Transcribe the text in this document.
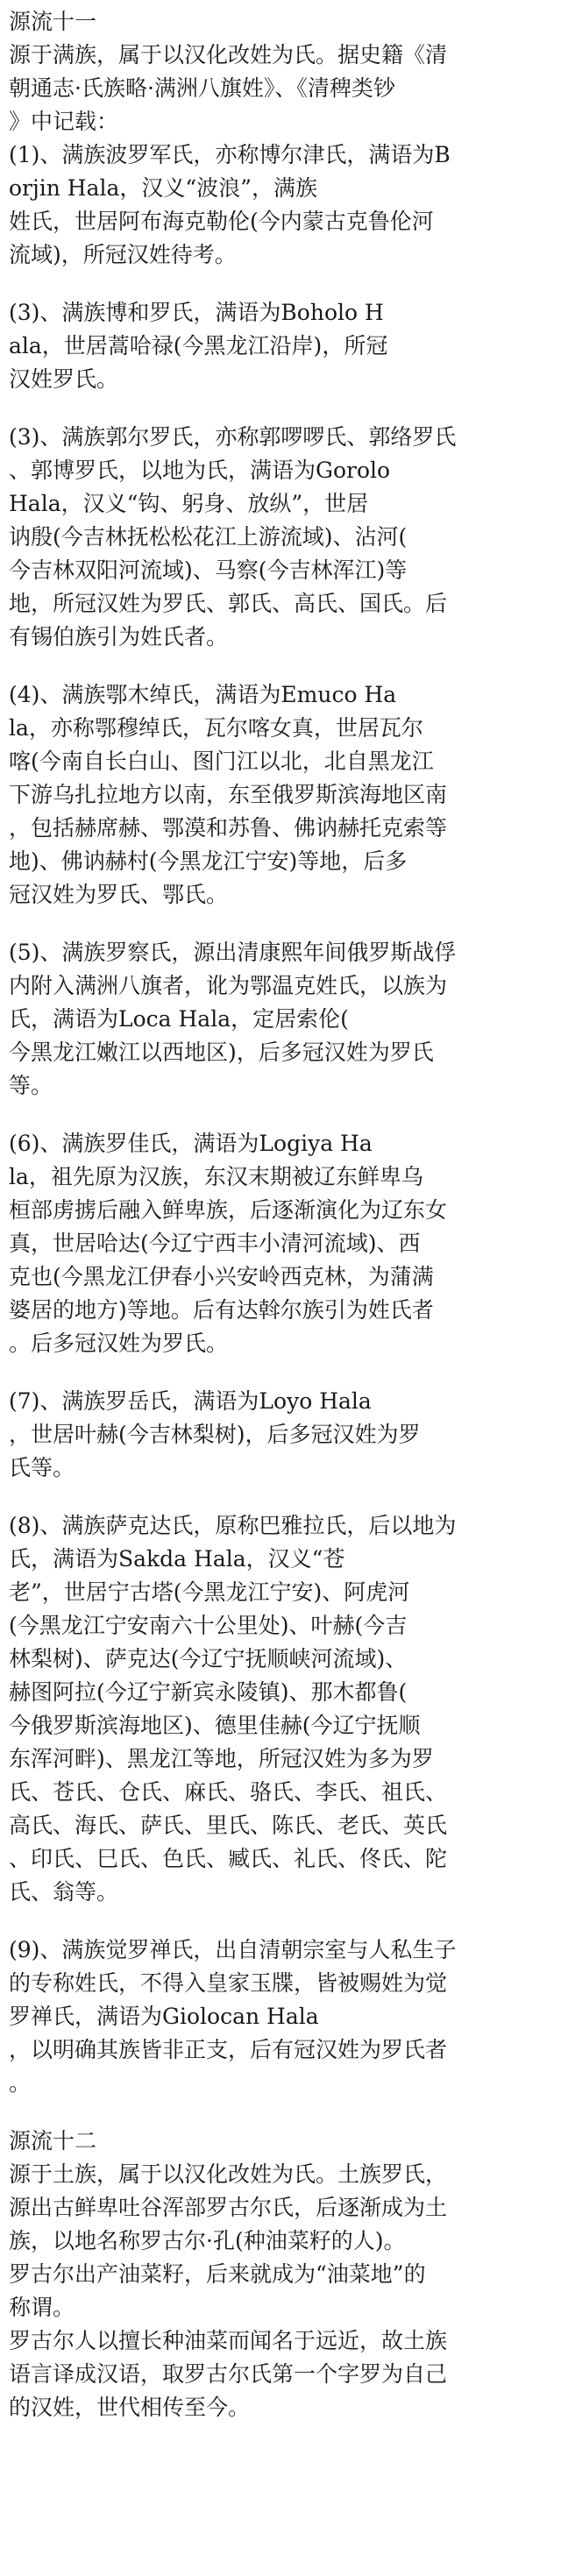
源流十一
源于满族，属于以汉化改姓为氏。据史籍《清
朝通志·氏族略·满洲八旗姓》、《清稗类钞
》中记载：
(1)、满族波罗军氏，亦称博尔津氏，满语为B
orjin Hala，汉义“波浪”，满族
姓氏，世居阿布海克勒伦(今内蒙古克鲁伦河
流域)，所冠汉姓待考。
(3)、满族博和罗氏，满语为Boholo H
ala，世居蒿哈禄(今黑龙江沿岸)，所冠
汉姓罗氏。
(3)、满族郭尔罗氏，亦称郭啰啰氏、郭络罗氏
、郭博罗氏，以地为氏，满语为Gorolo
Hala，汉义“钩、躬身、放纵”，世居
讷殷(今吉林抚松松花江上游流域)、沾河(
今吉林双阳河流域)、马察(今吉林浑江)等
地，所冠汉姓为罗氏、郭氏、高氏、国氏。后
有锡伯族引为姓氏者。
(4)、满族鄂木绰氏，满语为Emuco Ha
la，亦称鄂穆绰氏，瓦尔喀女真，世居瓦尔
喀(今南自长白山、图门江以北，北自黑龙江
下游乌扎拉地方以南，东至俄罗斯滨海地区南
，包括赫席赫、鄂漠和苏鲁、佛讷赫托克索等
地)、佛讷赫村(今黑龙江宁安)等地，后多
冠汉姓为罗氏、鄂氏。
(5)、满族罗察氏，源出清康熙年间俄罗斯战俘
内附入满洲八旗者，讹为鄂温克姓氏，以族为
氏，满语为Loca Hala，定居索伦(
今黑龙江嫩江以西地区)，后多冠汉姓为罗氏
等。
(6)、满族罗佳氏，满语为Logiya Ha
la，祖先原为汉族，东汉末期被辽东鲜卑乌
桓部虏掳后融入鲜卑族，后逐渐演化为辽东女
真，世居哈达(今辽宁西丰小清河流域)、西
克也(今黑龙江伊春小兴安岭西克林，为蒲满
婆居的地方)等地。后有达斡尔族引为姓氏者
。后多冠汉姓为罗氏。
(7)、满族罗岳氏，满语为Loyo Hala
，世居叶赫(今吉林梨树)，后多冠汉姓为罗
氏等。
(8)、满族萨克达氏，原称巴雅拉氏，后以地为
氏，满语为Sakda Hala，汉义“苍
老”，世居宁古塔(今黑龙江宁安)、阿虎河
(今黑龙江宁安南六十公里处)、叶赫(今吉
林梨树)、萨克达(今辽宁抚顺峡河流域)、
赫图阿拉(今辽宁新宾永陵镇)、那木都鲁(
今俄罗斯滨海地区)、德里佳赫(今辽宁抚顺
东浑河畔)、黑龙江等地，所冠汉姓为多为罗
氏、苍氏、仓氏、麻氏、骆氏、李氏、祖氏、
高氏、海氏、萨氏、里氏、陈氏、老氏、英氏
、印氏、巳氏、色氏、臧氏、礼氏、佟氏、陀
氏、翁等。
(9)、满族觉罗禅氏，出自清朝宗室与人私生子
的专称姓氏，不得入皇家玉牒，皆被赐姓为觉
罗禅氏，满语为Giolocan Hala
，以明确其族皆非正支，后有冠汉姓为罗氏者
。
源流十二
源于土族，属于以汉化改姓为氏。土族罗氏，
源出古鲜卑吐谷浑部罗古尔氏，后逐渐成为土
族，以地名称罗古尔·孔(种油菜籽的人)。
罗古尔出产油菜籽，后来就成为“油菜地”的
称谓。
罗古尔人以擅长种油菜而闻名于远近，故土族
语言译成汉语，取罗古尔氏第一个字罗为自己
的汉姓，世代相传至今。
